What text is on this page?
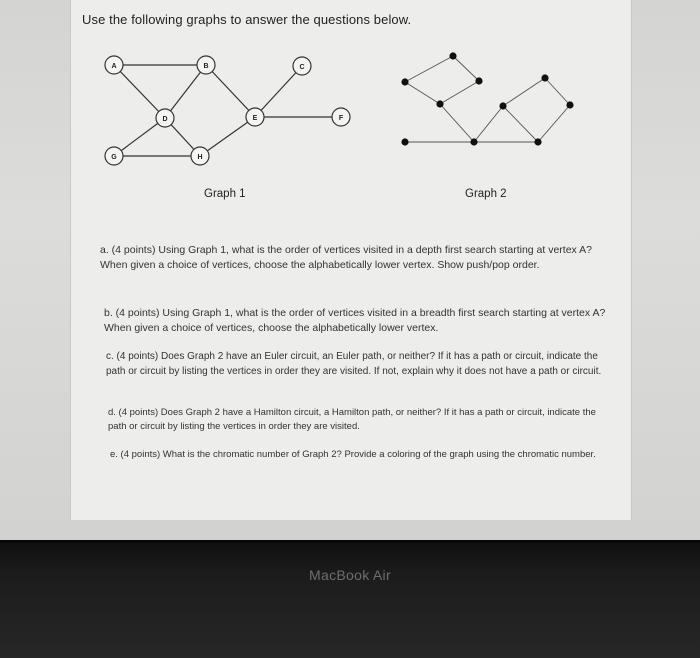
Use the following graphs to answer the questions below.
A	B	C
D	E	F
G	H
Graph 1	Graph 2

a. (4 points) Using Graph 1, what is the order of vertices visited in a depth first search starting at vertex A? When given a choice of vertices, choose the alphabetically lower vertex. Show push/pop order.

b. (4 points) Using Graph 1, what is the order of vertices visited in a breadth first search starting at vertex A? When given a choice of vertices, choose the alphabetically lower vertex.

c. (4 points) Does Graph 2 have an Euler circuit, an Euler path, or neither? If it has a path or circuit, indicate the path or circuit by listing the vertices in order they are visited. If not, explain why it does not have a path or circuit.

d. (4 points) Does Graph 2 have a Hamilton circuit, a Hamilton path, or neither? If it has a path or circuit, indicate the path or circuit by listing the vertices in order they are visited.

e. (4 points) What is the chromatic number of Graph 2? Provide a coloring of the graph using the chromatic number.

MacBook Air
